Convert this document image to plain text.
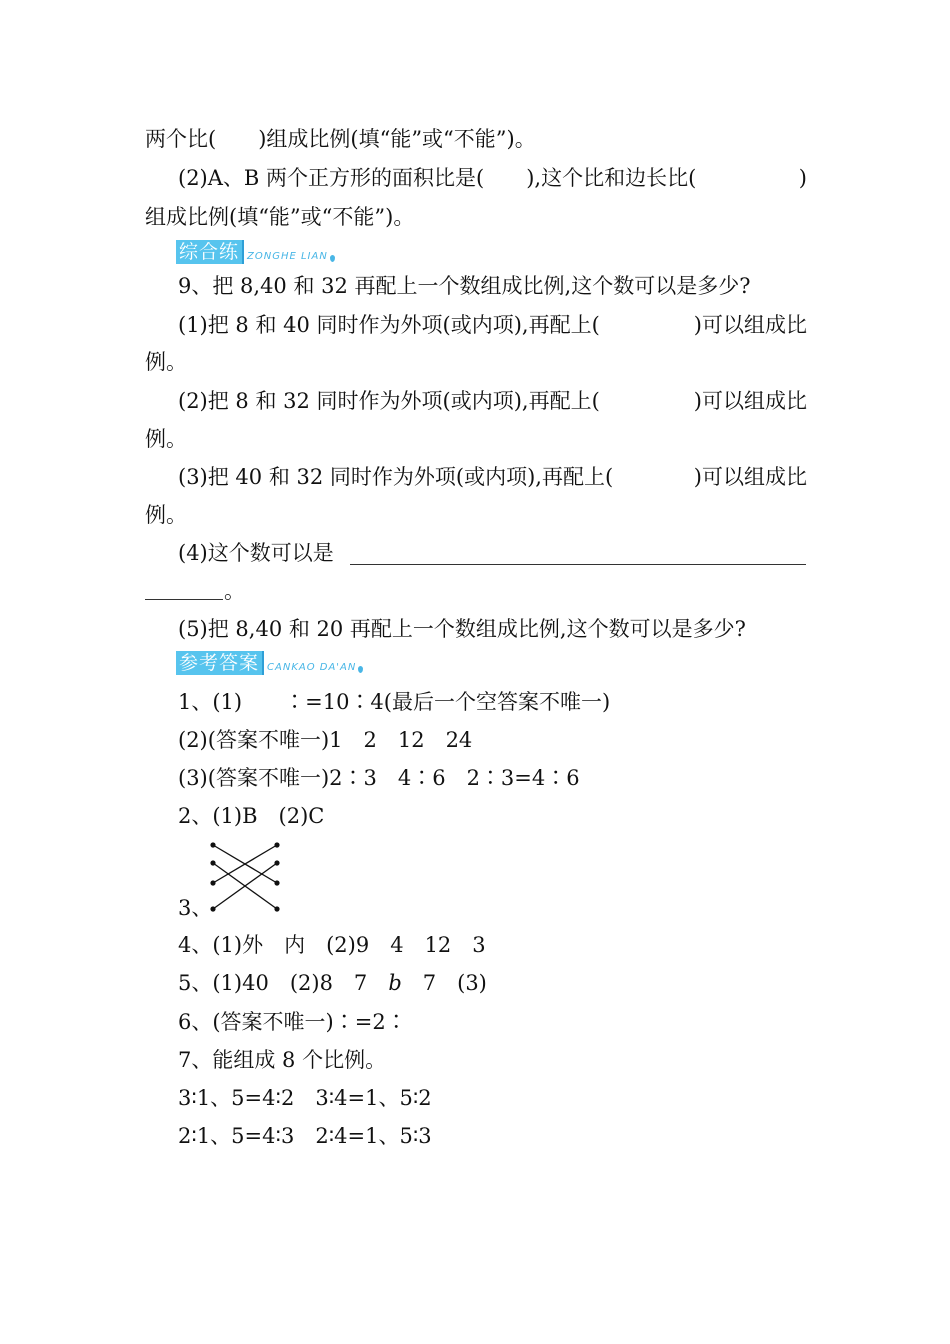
两个比(　　)组成比例(填“能”或“不能”)。
(2)A、B 两个正方形的面积比是(　　),这个比和边长比(	)
组成比例(填“能”或“不能”)。
综合练 ZONGHE LIAN
9、把 8,40 和 32 再配上一个数组成比例,这个数可以是多少?
(1)把 8 和 40 同时作为外项(或内项),再配上(	)可以组成比
例。
(2)把 8 和 32 同时作为外项(或内项),再配上(	)可以组成比
例。
(3)把 40 和 32 同时作为外项(或内项),再配上(	)可以组成比
例。
(4)这个数可以是
。
(5)把 8,40 和 20 再配上一个数组成比例,这个数可以是多少?
参考答案 CANKAO DA'AN
1、(1)　　∶=10∶4(最后一个空答案不唯一)
(2)(答案不唯一)1　2　12　24
(3)(答案不唯一)2∶3　4∶6　2∶3=4∶6
2、(1)B　(2)C
3、
4、(1)外　内　(2)9　4　12　3
5、(1)40　(2)8　7　b　7　(3)
6、(答案不唯一)∶=2∶
7、能组成 8 个比例。
3∶1、5=4∶2　3∶4=1、5∶2
2∶1、5=4∶3　2∶4=1、5∶3
